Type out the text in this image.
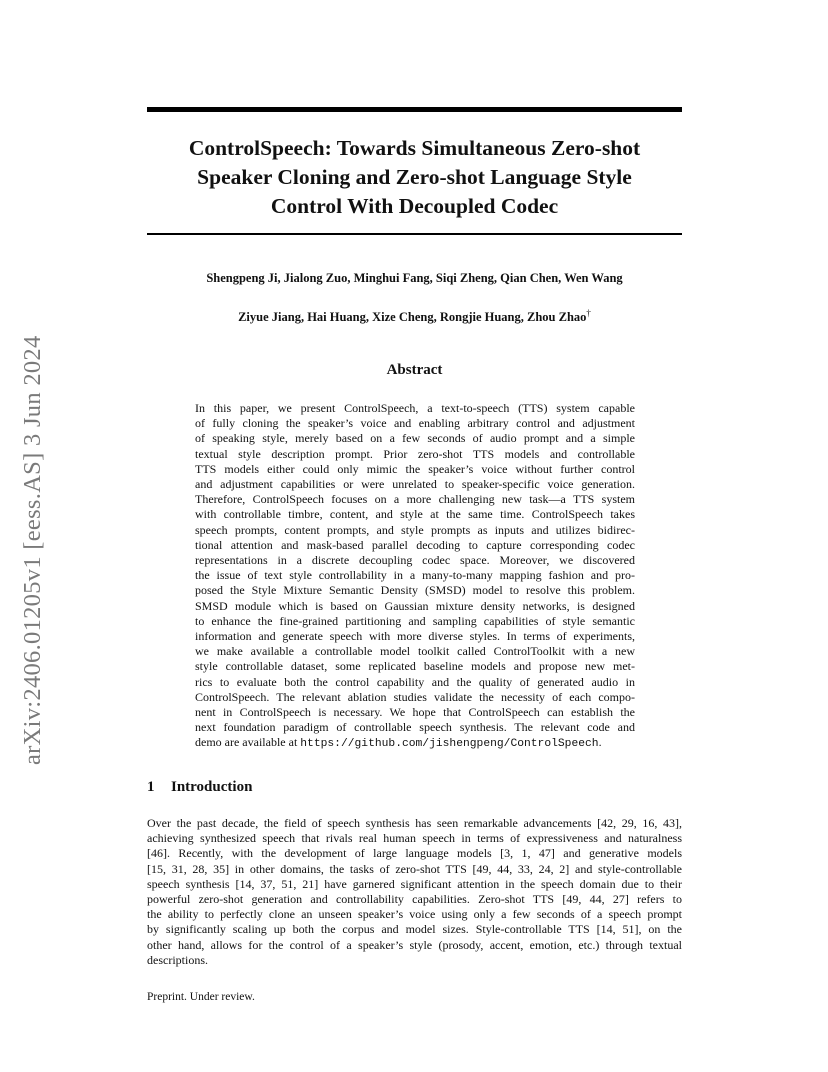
arXiv:2406.01205v1 [eess.AS] 3 Jun 2024
ControlSpeech: Towards Simultaneous Zero-shot
Speaker Cloning and Zero-shot Language Style
Control With Decoupled Codec

Shengpeng Ji, Jialong Zuo, Minghui Fang, Siqi Zheng, Qian Chen, Wen Wang

Ziyue Jiang, Hai Huang, Xize Cheng, Rongjie Huang, Zhou Zhao†

Abstract
In this paper, we present ControlSpeech, a text-to-speech (TTS) system capable
of fully cloning the speaker’s voice and enabling arbitrary control and adjustment
of speaking style, merely based on a few seconds of audio prompt and a simple
textual style description prompt. Prior zero-shot TTS models and controllable
TTS models either could only mimic the speaker’s voice without further control
and adjustment capabilities or were unrelated to speaker-specific voice generation.
Therefore, ControlSpeech focuses on a more challenging new task—a TTS system
with controllable timbre, content, and style at the same time. ControlSpeech takes
speech prompts, content prompts, and style prompts as inputs and utilizes bidirec-
tional attention and mask-based parallel decoding to capture corresponding codec
representations in a discrete decoupling codec space. Moreover, we discovered
the issue of text style controllability in a many-to-many mapping fashion and pro-
posed the Style Mixture Semantic Density (SMSD) model to resolve this problem.
SMSD module which is based on Gaussian mixture density networks, is designed
to enhance the fine-grained partitioning and sampling capabilities of style semantic
information and generate speech with more diverse styles. In terms of experiments,
we make available a controllable model toolkit called ControlToolkit with a new
style controllable dataset, some replicated baseline models and propose new met-
rics to evaluate both the control capability and the quality of generated audio in
ControlSpeech. The relevant ablation studies validate the necessity of each compo-
nent in ControlSpeech is necessary. We hope that ControlSpeech can establish the
next foundation paradigm of controllable speech synthesis. The relevant code and
demo are available at https://github.com/jishengpeng/ControlSpeech.
1 Introduction
Over the past decade, the field of speech synthesis has seen remarkable advancements [42, 29, 16, 43],
achieving synthesized speech that rivals real human speech in terms of expressiveness and naturalness
[46]. Recently, with the development of large language models [3, 1, 47] and generative models
[15, 31, 28, 35] in other domains, the tasks of zero-shot TTS [49, 44, 33, 24, 2] and style-controllable
speech synthesis [14, 37, 51, 21] have garnered significant attention in the speech domain due to their
powerful zero-shot generation and controllability capabilities. Zero-shot TTS [49, 44, 27] refers to
the ability to perfectly clone an unseen speaker’s voice using only a few seconds of a speech prompt
by significantly scaling up both the corpus and model sizes. Style-controllable TTS [14, 51], on the
other hand, allows for the control of a speaker’s style (prosody, accent, emotion, etc.) through textual
descriptions.

Preprint. Under review.
